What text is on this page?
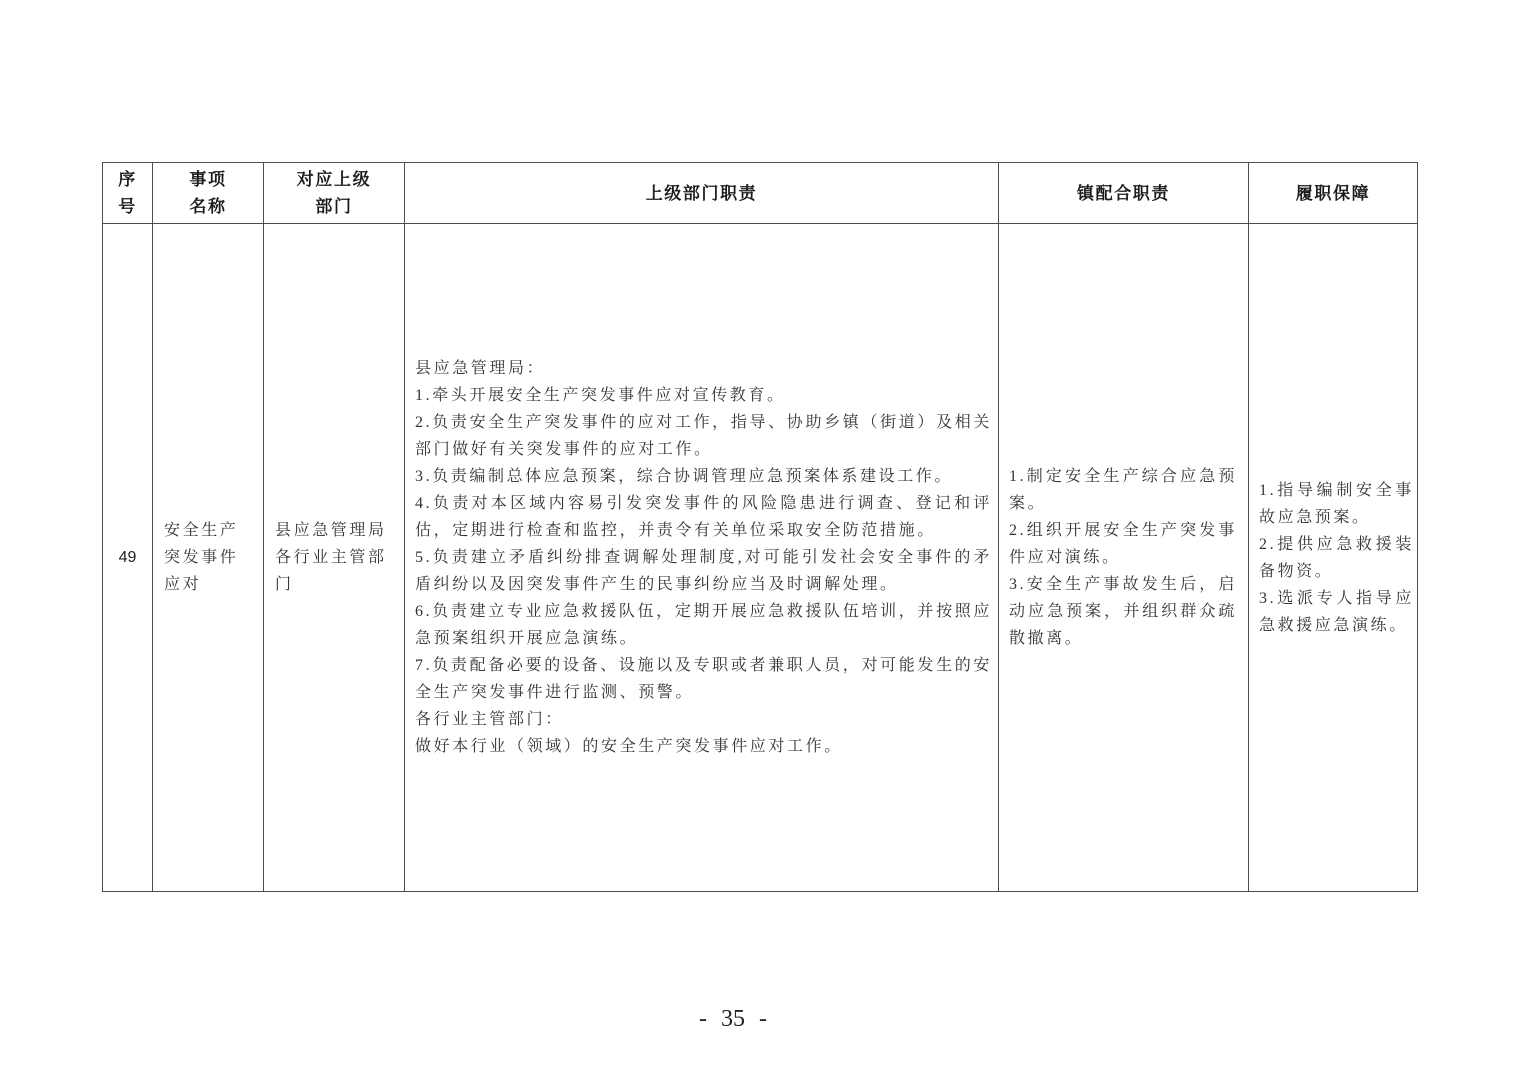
序号
事项名称
对应上级部门
上级部门职责	镇配合职责	履职保障
49
安全生产突发事件应对
县应急管理局各行业主管部门
县应急管理局：
1.牵头开展安全生产突发事件应对宣传教育。
2.负责安全生产突发事件的应对工作，指导、协助乡镇（街道）及相关部门做好有关突发事件的应对工作。
3.负责编制总体应急预案，综合协调管理应急预案体系建设工作。
4.负责对本区域内容易引发突发事件的风险隐患进行调查、登记和评估，定期进行检查和监控，并责令有关单位采取安全防范措施。
5.负责建立矛盾纠纷排查调解处理制度,对可能引发社会安全事件的矛盾纠纷以及因突发事件产生的民事纠纷应当及时调解处理。
6.负责建立专业应急救援队伍，定期开展应急救援队伍培训，并按照应急预案组织开展应急演练。
7.负责配备必要的设备、设施以及专职或者兼职人员，对可能发生的安全生产突发事件进行监测、预警。
各行业主管部门：
做好本行业（领域）的安全生产突发事件应对工作。
1.制定安全生产综合应急预案。
2.组织开展安全生产突发事件应对演练。
3.安全生产事故发生后，启动应急预案，并组织群众疏散撤离。
1.指导编制安全事故应急预案。
2.提供应急救援装备物资。
3.选派专人指导应急救援应急演练。
- 35 -
